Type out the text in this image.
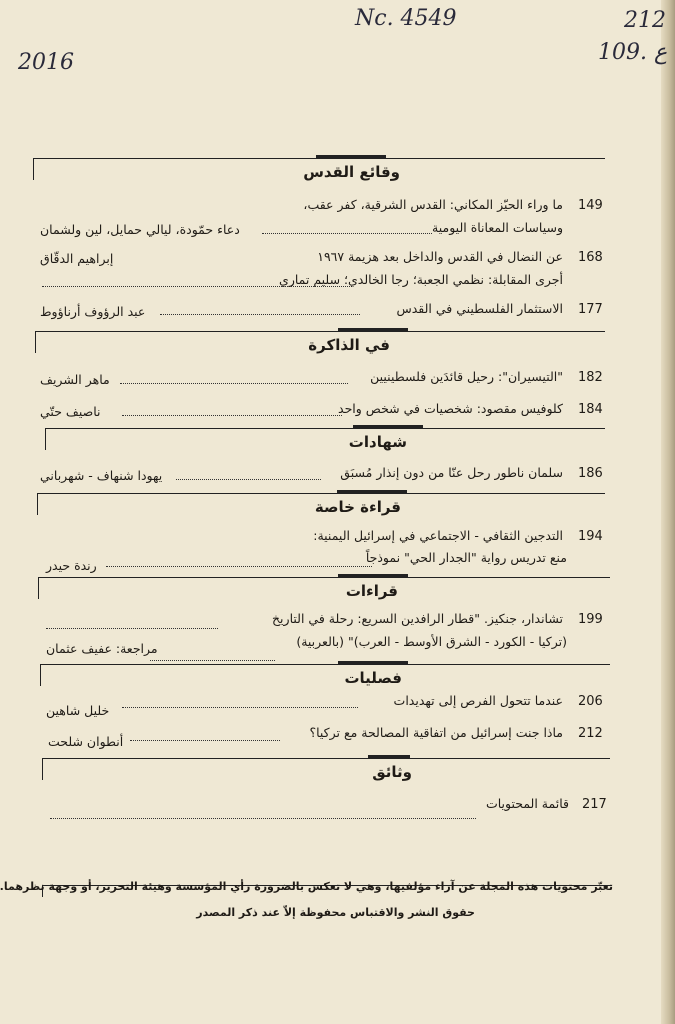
Nc. 4549	212
2016	ع .109
وقائع القدس
149
ما وراء الحيّز المكاني: القدس الشرقية، كفر عقب،
وسياسات المعاناة اليومية
دعاء حمّودة، ليالي حمايل، لين ولشمان
168
عن النضال في القدس والداخل بعد هزيمة ١٩٦٧
إبراهيم الدقّاق
أجرى المقابلة: نظمي الجعبة؛ رجا الخالدي؛ سليم تماري
177
الاستثمار الفلسطيني في القدس
عبد الرؤوف أرناؤوط
في الذاكرة
182
"التيسيران": رحيل قائدَين فلسطينيين
ماهر الشريف
184
كلوفيس مقصود: شخصيات في شخص واحد
ناصيف حتّي
شهادات
186
سلمان ناطور رحل عنّا من دون إنذار مُسبَق
يهودا شنهاف - شهرباني
قراءة خاصة
194
التدجين الثقافي - الاجتماعي في إسرائيل اليمنية:
منع تدريس رواية "الجدار الحي" نموذجاً
رندة حيدر
قراءات
199
تشاندار، جنكيز. "قطار الرافدين السريع: رحلة في التاريخ
(تركيا - الكورد - الشرق الأوسط - العرب)" (بالعربية)
مراجعة: عفيف عثمان
فصليات
206
عندما تتحول الفرص إلى تهديدات
خليل شاهين
212
ماذا جنت إسرائيل من اتفاقية المصالحة مع تركيا؟
أنطوان شلحت
وثائق
217
قائمة المحتويات
تعبّر محتويات هذه المجلة عن آراء مؤلفيها، وهي لا تعكس بالضرورة رأي المؤسسة وهيئة التحرير، أو وجهة نظرهما.
حقوق النشر والاقتباس محفوظة إلاّ عند ذكر المصدر
